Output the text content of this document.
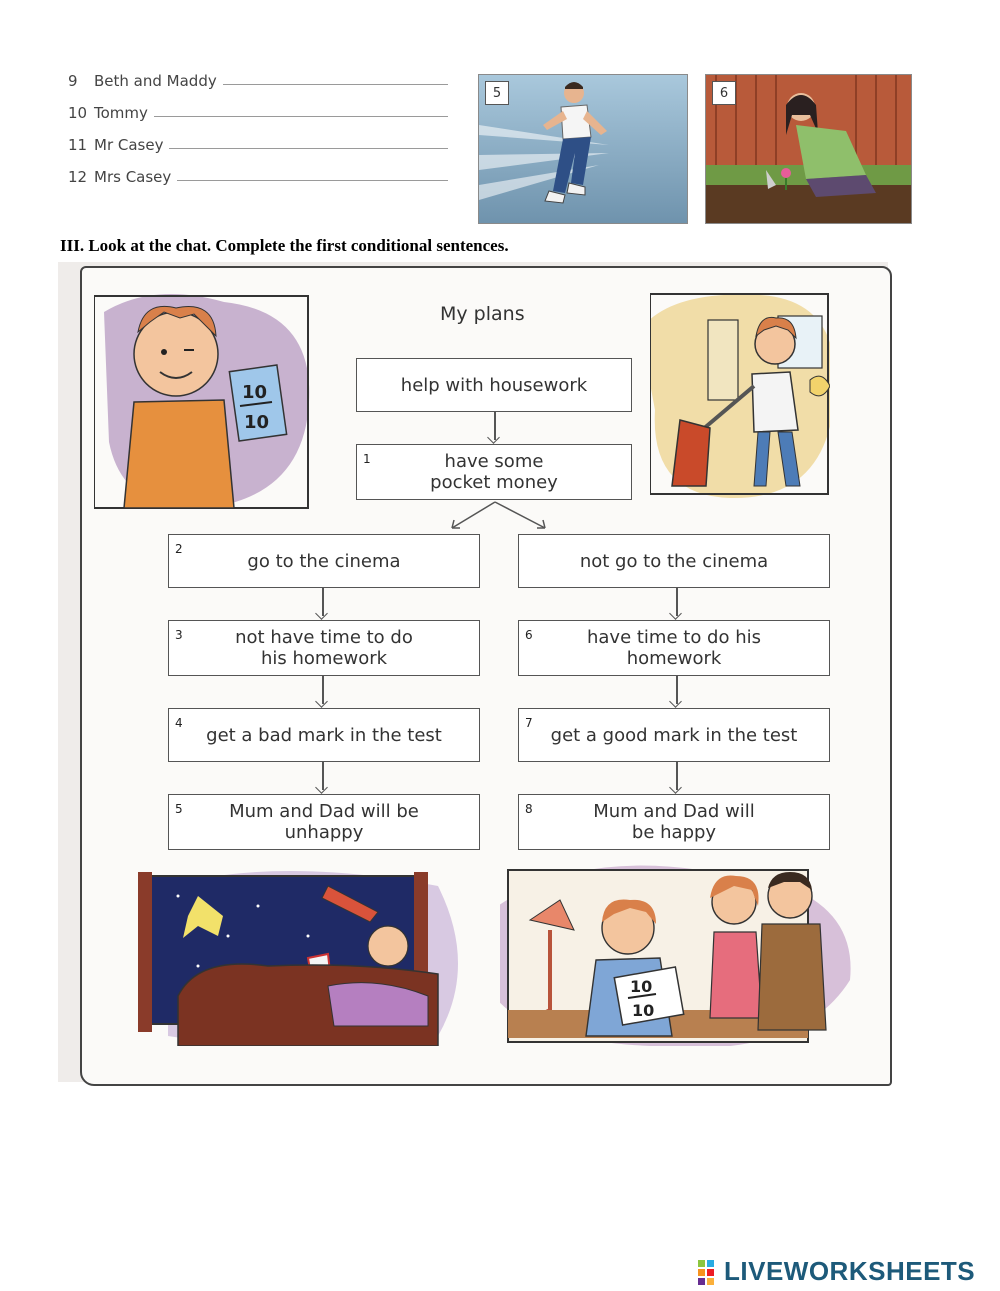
9	Beth and Maddy
10 Tommy
11 Mr Casey
12 Mrs Casey
5	6
III. Look at the chat. Complete the first conditional sentences.
10
10
My plans
help with housework
1	have some pocket money
2
go to the cinema
3	not have time to do his homework
4
get a bad mark in the test
5	Mum and Dad will be unhappy
not go to the cinema
6	have time to do his homework
7
get a good mark in the test
8	Mum and Dad will be happy
10
10
LIVEWORKSHEETS
